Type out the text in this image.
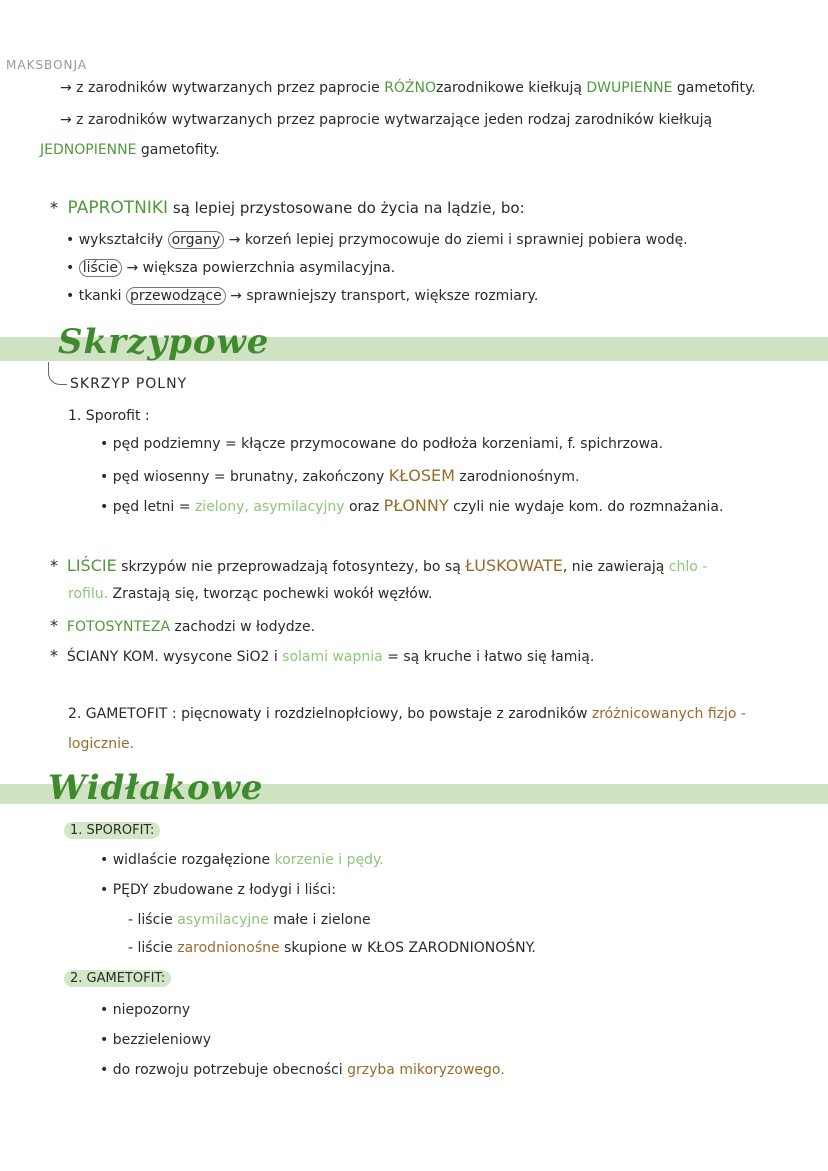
MAKSBONJA
→ z zarodników wytwarzanych przez paprocie RÓŻNOzarodnikowe kiełkują DWUPIENNE gametofity.
→ z zarodników wytwarzanych przez paprocie wytwarzające jeden rodzaj zarodników kiełkują
JEDNOPIENNE gametofity.
* PAPROTNIKI są lepiej przystosowane do życia na lądzie, bo:
• wykształciły organy → korzeń lepiej przymocowuje do ziemi i sprawniej pobiera wodę.
• liście → większa powierzchnia asymilacyjna.
• tkanki przewodzące → sprawniejszy transport, większe rozmiary.
Skrzypowe
SKRZYP POLNY
1. Sporofit :
• pęd podziemny = kłącze przymocowane do podłoża korzeniami, f. spichrzowa.
• pęd wiosenny = brunatny, zakończony KŁOSEM zarodnionośnym.
• pęd letni = zielony, asymilacyjny oraz PŁONNY czyli nie wydaje kom. do rozmnażania.
* LIŚCIE skrzypów nie przeprowadzają fotosyntezy, bo są ŁUSKOWATE, nie zawierają chlo -
rofilu. Zrastają się, tworząc pochewki wokół węzłów.
* FOTOSYNTEZA zachodzi w łodydze.
* ŚCIANY KOM. wysycone SiO2 i solami wapnia = są kruche i łatwo się łamią.
2. GAMETOFIT : pięcnowaty i rozdzielnopłciowy, bo powstaje z zarodników zróżnicowanych fizjo -
logicznie.
Widłakowe
1. SPOROFIT:
• widlaście rozgałęzione korzenie i pędy.
• PĘDY zbudowane z łodygi i liści:
- liście asymilacyjne małe i zielone
- liście zarodnionośne skupione w KŁOS ZARODNIONOŚNY.
2. GAMETOFIT:
• niepozorny
• bezzieleniowy
• do rozwoju potrzebuje obecności grzyba mikoryzowego.
